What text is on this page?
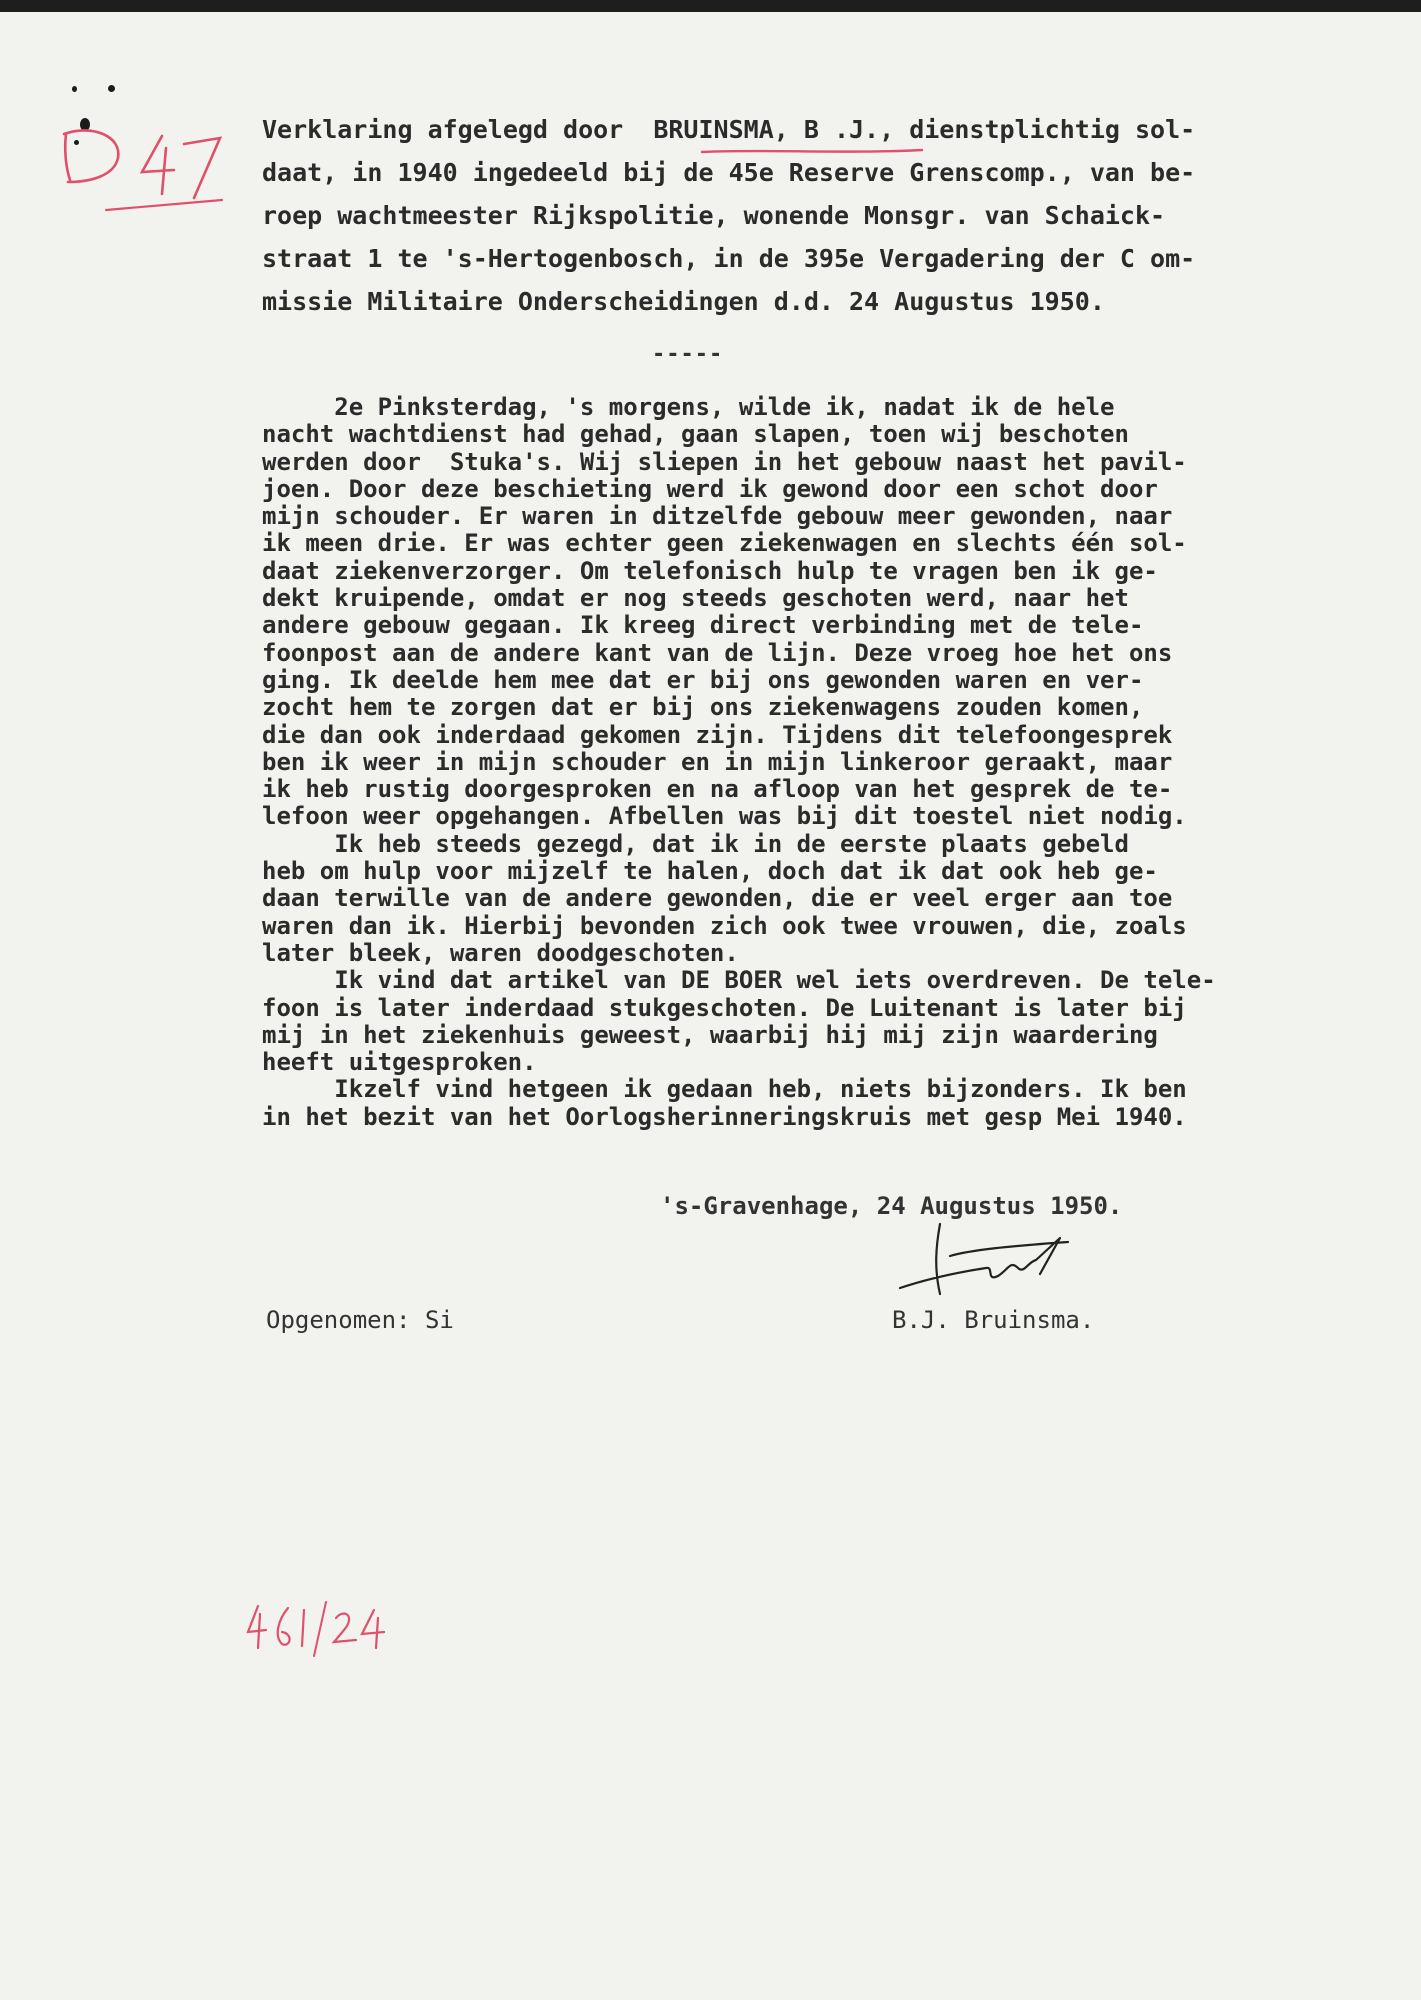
Verklaring afgelegd door  BRUINSMA, B .J., dienstplichtig sol-
daat, in 1940 ingedeeld bij de 45e Reserve Grenscomp., van be-
roep wachtmeester Rijkspolitie, wonende Monsgr. van Schaick-
straat 1 te 's-Hertogenbosch, in de 395e Vergadering der C om-
missie Militaire Onderscheidingen d.d. 24 Augustus 1950.
-----
2e Pinksterdag, 's morgens, wilde ik, nadat ik de hele
nacht wachtdienst had gehad, gaan slapen, toen wij beschoten
werden door  Stuka's. Wij sliepen in het gebouw naast het pavil-
joen. Door deze beschieting werd ik gewond door een schot door
mijn schouder. Er waren in ditzelfde gebouw meer gewonden, naar
ik meen drie. Er was echter geen ziekenwagen en slechts één sol-
daat ziekenverzorger. Om telefonisch hulp te vragen ben ik ge-
dekt kruipende, omdat er nog steeds geschoten werd, naar het
andere gebouw gegaan. Ik kreeg direct verbinding met de tele-
foonpost aan de andere kant van de lijn. Deze vroeg hoe het ons
ging. Ik deelde hem mee dat er bij ons gewonden waren en ver-
zocht hem te zorgen dat er bij ons ziekenwagens zouden komen,
die dan ook inderdaad gekomen zijn. Tijdens dit telefoongesprek
ben ik weer in mijn schouder en in mijn linkeroor geraakt, maar
ik heb rustig doorgesproken en na afloop van het gesprek de te-
lefoon weer opgehangen. Afbellen was bij dit toestel niet nodig.
Ik heb steeds gezegd, dat ik in de eerste plaats gebeld
heb om hulp voor mijzelf te halen, doch dat ik dat ook heb ge-
daan terwille van de andere gewonden, die er veel erger aan toe
waren dan ik. Hierbij bevonden zich ook twee vrouwen, die, zoals
later bleek, waren doodgeschoten.
Ik vind dat artikel van DE BOER wel iets overdreven. De tele-
foon is later inderdaad stukgeschoten. De Luitenant is later bij
mij in het ziekenhuis geweest, waarbij hij mij zijn waardering
heeft uitgesproken.
Ikzelf vind hetgeen ik gedaan heb, niets bijzonders. Ik ben
in het bezit van het Oorlogsherinneringskruis met gesp Mei 1940.
's-Gravenhage, 24 Augustus 1950.
Opgenomen: Si	B.J. Bruinsma.
